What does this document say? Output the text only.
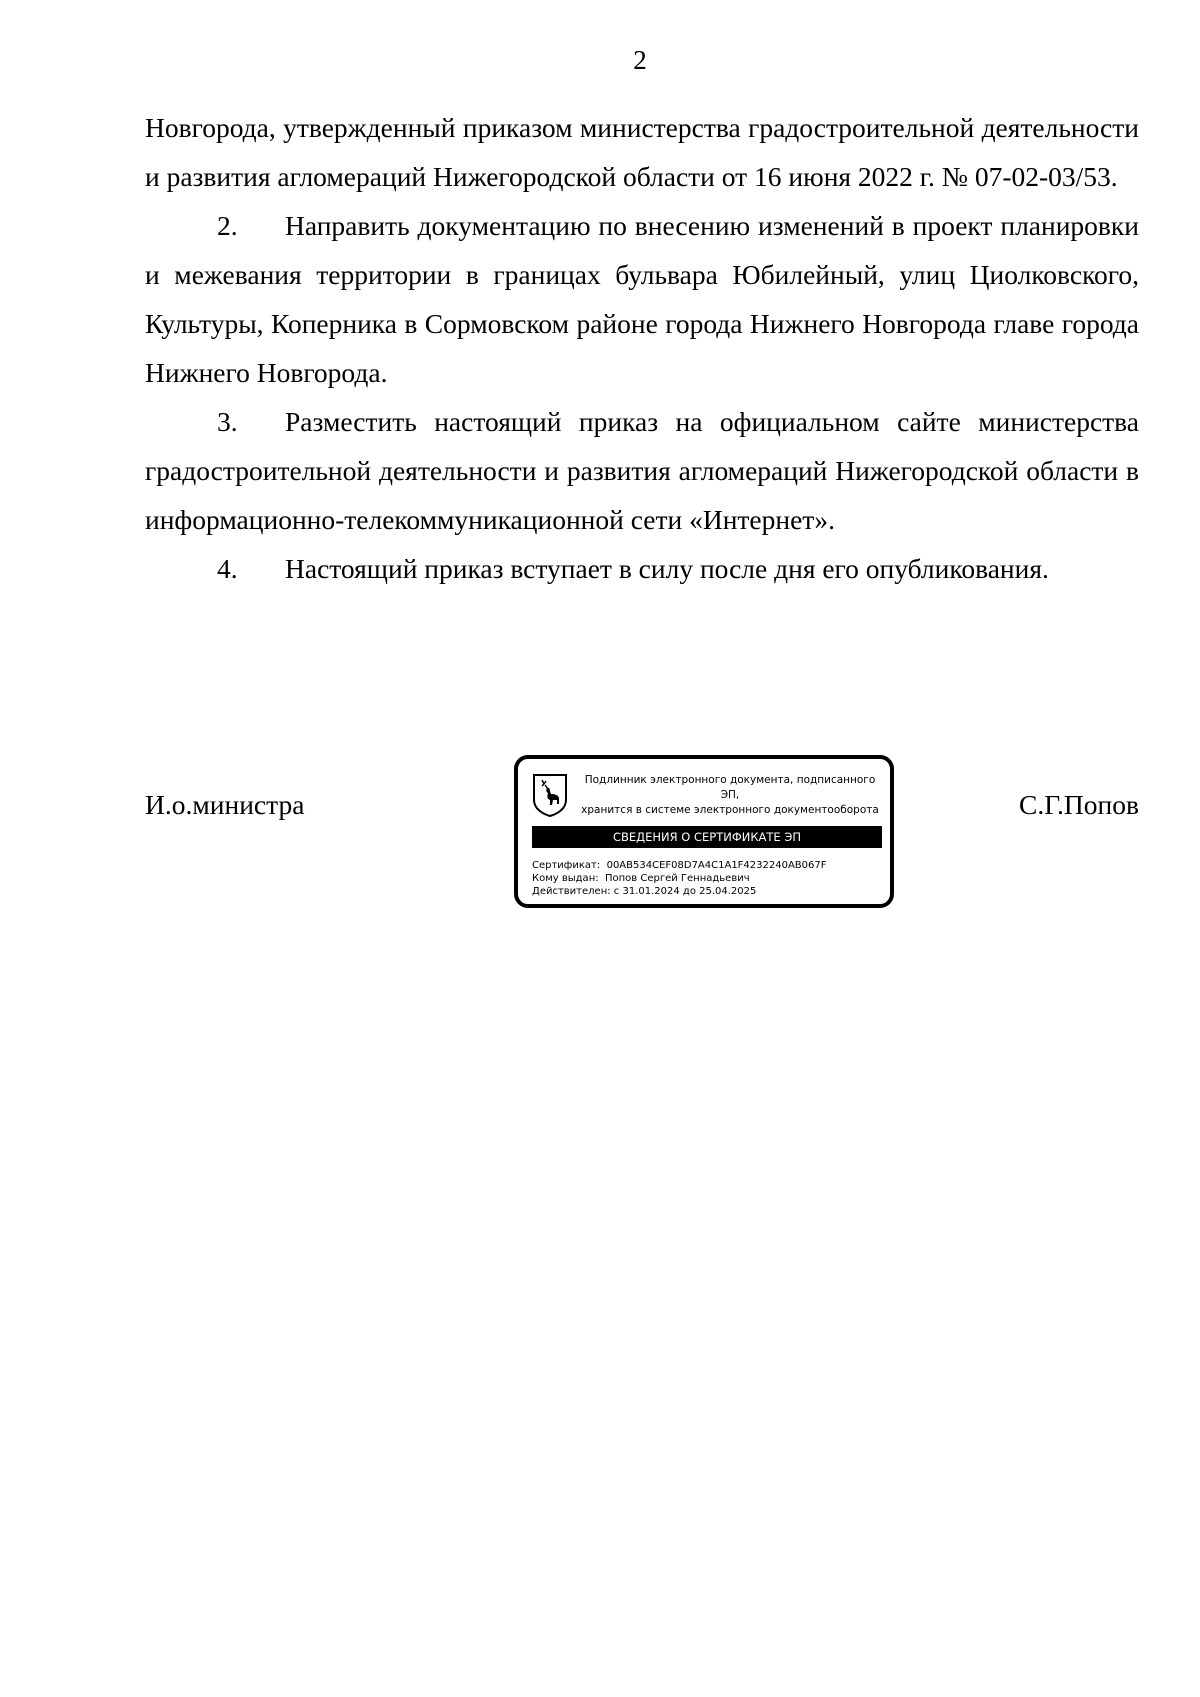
2

Новгорода, утвержденный приказом министерства градостроительной деятельности и развития агломераций Нижегородской области от 16 июня 2022 г. № 07-02-03/53.

2. Направить документацию по внесению изменений в проект планировки и межевания территории в границах бульвара Юбилейный, улиц Циолковского, Культуры, Коперника в Сормовском районе города Нижнего Новгорода главе города Нижнего Новгорода.

3. Разместить настоящий приказ на официальном сайте министерства градостроительной деятельности и развития агломераций Нижегородской области в информационно-телекоммуникационной сети «Интернет».

4. Настоящий приказ вступает в силу после дня его опубликования.

И.о.министра
Подлинник электронного документа, подписанного ЭП,
хранится в системе электронного документооборота
СВЕДЕНИЯ О СЕРТИФИКАТЕ ЭП
Сертификат: 00AB534CEF08D7A4C1A1F4232240AB067F
Кому выдан: Попов Сергей Геннадьевич
Действителен: с 31.01.2024 до 25.04.2025
С.Г.Попов
